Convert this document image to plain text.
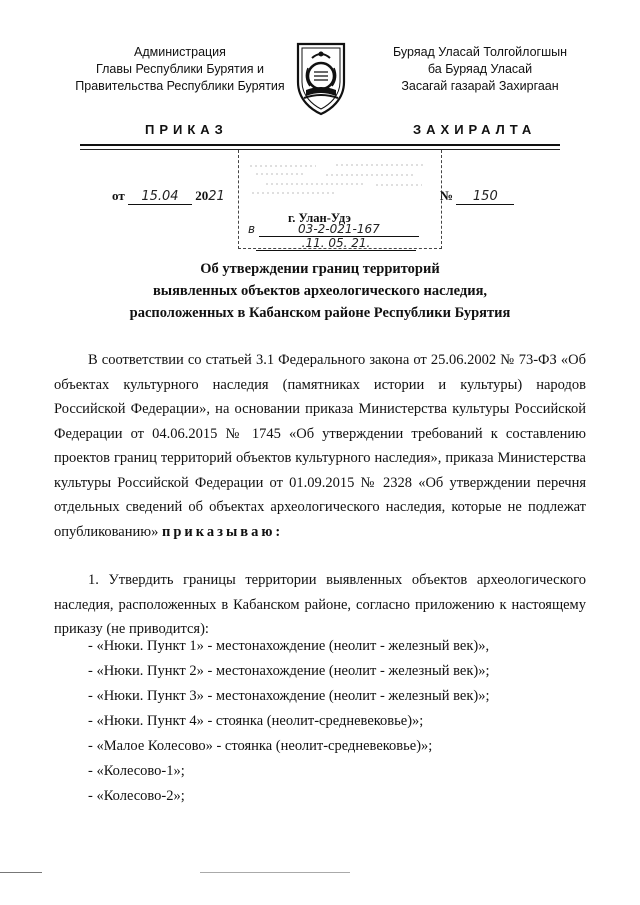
Администрация
Главы Республики Бурятия и
Правительства Республики Бурятия
Буряад Уласай Толгойлогшын
ба Буряад Уласай
Засагай газарай Захиргаан
ПРИКАЗ	ЗАХИРАЛТА
от 15.04 2021	№ 150
г. Улан-Удэ
в	03-2-021-167
.11. 05. 21.
Об утверждении границ территорий
выявленных объектов археологического наследия,
расположенных в Кабанском районе Республики Бурятия
В соответствии со статьей 3.1 Федерального закона от 25.06.2002 № 73-ФЗ «Об объектах культурного наследия (памятниках истории и культуры) народов Российской Федерации», на основании приказа Министерства культуры Российской Федерации от 04.06.2015 № 1745 «Об утверждении требований к составлению проектов границ территорий объектов культурного наследия», приказа Министерства культуры Российской Федерации от 01.09.2015 № 2328 «Об утверждении перечня отдельных сведений об объектах археологического наследия, которые не подлежат опубликованию» приказываю:
1. Утвердить границы территории выявленных объектов археологического наследия, расположенных в Кабанском районе, согласно приложению к настоящему приказу (не приводится):
- «Нюки. Пункт 1» - местонахождение (неолит - железный век)»,
- «Нюки. Пункт 2» - местонахождение (неолит - железный век)»;
- «Нюки. Пункт 3» - местонахождение (неолит - железный век)»;
- «Нюки. Пункт 4» - стоянка (неолит-средневековье)»;
- «Малое Колесово» - стоянка (неолит-средневековье)»;
- «Колесово-1»;
- «Колесово-2»;
